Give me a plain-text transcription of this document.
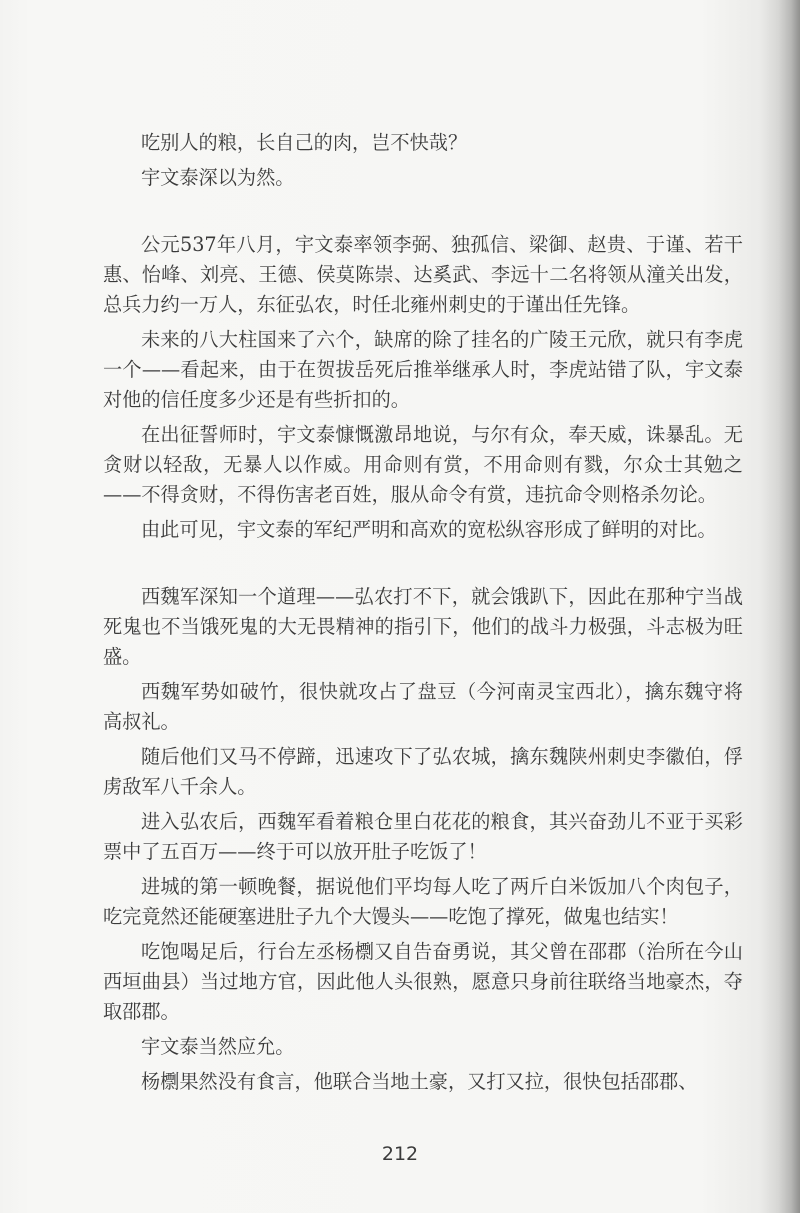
吃别人的粮，长自己的肉，岂不快哉？

宇文泰深以为然。

公元537年八月，宇文泰率领李弼、独孤信、梁御、赵贵、于谨、若干惠、怡峰、刘亮、王德、侯莫陈崇、达奚武、李远十二名将领从潼关出发，总兵力约一万人，东征弘农，时任北雍州刺史的于谨出任先锋。

未来的八大柱国来了六个，缺席的除了挂名的广陵王元欣，就只有李虎一个——看起来，由于在贺拔岳死后推举继承人时，李虎站错了队，宇文泰对他的信任度多少还是有些折扣的。

在出征誓师时，宇文泰慷慨激昂地说，与尔有众，奉天威，诛暴乱。无贪财以轻敌，无暴人以作威。用命则有赏，不用命则有戮，尔众士其勉之——不得贪财，不得伤害老百姓，服从命令有赏，违抗命令则格杀勿论。

由此可见，宇文泰的军纪严明和高欢的宽松纵容形成了鲜明的对比。

西魏军深知一个道理——弘农打不下，就会饿趴下，因此在那种宁当战死鬼也不当饿死鬼的大无畏精神的指引下，他们的战斗力极强，斗志极为旺盛。

西魏军势如破竹，很快就攻占了盘豆（今河南灵宝西北），擒东魏守将高叔礼。

随后他们又马不停蹄，迅速攻下了弘农城，擒东魏陕州刺史李徽伯，俘虏敌军八千余人。

进入弘农后，西魏军看着粮仓里白花花的粮食，其兴奋劲儿不亚于买彩票中了五百万——终于可以放开肚子吃饭了！

进城的第一顿晚餐，据说他们平均每人吃了两斤白米饭加八个肉包子，吃完竟然还能硬塞进肚子九个大馒头——吃饱了撑死，做鬼也结实！

吃饱喝足后，行台左丞杨檦又自告奋勇说，其父曾在邵郡（治所在今山西垣曲县）当过地方官，因此他人头很熟，愿意只身前往联络当地豪杰，夺取邵郡。

宇文泰当然应允。

杨檦果然没有食言，他联合当地土豪，又打又拉，很快包括邵郡、

212
